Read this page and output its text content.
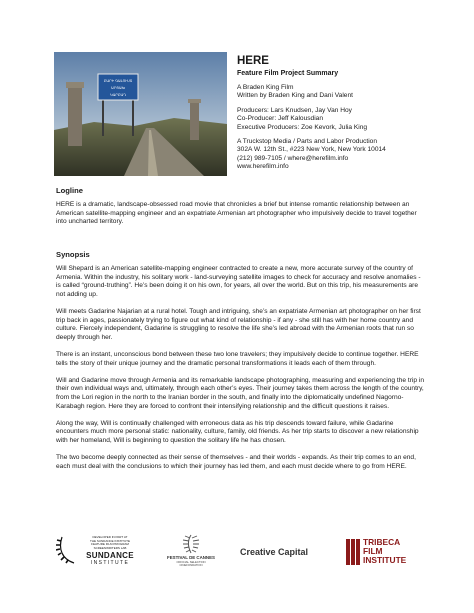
ԲԱՐԻ ԳԱԼՈՒՍՏ
ԱՐՑԱԽ
ԿԱՐԲԱԴ
HERE
Feature Film Project Summary
A Braden King Film
Written by Braden King and Dani Valent
Producers: Lars Knudsen, Jay Van Hoy
Co-Producer: Jeff Kalousdian
Executive Producers: Zoe Kevork, Julia King
A Truckstop Media / Parts and Labor Production
302A W. 12th St., #223 New York, New York 10014
(212) 989-7105 / where@herefilm.info
www.herefilm.info
Logline

HERE is a dramatic, landscape-obsessed road movie that chronicles a brief but intense romantic relationship between an American satellite-mapping engineer and an expatriate Armenian art photographer who impulsively decide to travel together into uncharted territory.

Synopsis

Will Shepard is an American satellite-mapping engineer contracted to create a new, more accurate survey of the country of Armenia. Within the industry, his solitary work - land-surveying satellite images to check for accuracy and resolve anomalies - is called “ground-truthing”. He’s been doing it on his own, for years, all over the world. But on this trip, his measurements are not adding up.

Will meets Gadarine Najarian at a rural hotel. Tough and intriguing, she’s an expatriate Armenian art photographer on her first trip back in ages, passionately trying to figure out what kind of relationship - if any - she still has with her home country and culture. Fiercely independent, Gadarine is struggling to resolve the life she’s led abroad with the Armenian roots that run so deeply through her.

There is an instant, unconscious bond between these two lone travelers; they impulsively decide to continue together. HERE tells the story of their unique journey and the dramatic personal transformations it leads each of them through.

Will and Gadarine move through Armenia and its remarkable landscape photographing, measuring and experiencing the trip in their own individual ways and, ultimately, through each other’s eyes. Their journey takes them across the length of the country, from the Lori region in the north to the Iranian border in the south, and finally into the diplomatically undefined Nagorno-Karabagh region. Here they are forced to confront their intensifying relationship and the difficult questions it raises.

Along the way, Will is continually challenged with erroneous data as his trip descends toward failure, while Gadarine encounters much more personal static: nationality, culture, family, old friends. As her trip starts to discover a new relationship with her homeland, Will is beginning to question the solitary life he has chosen.

The two become deeply connected as their sense of themselves - and their worlds - expands. As their trip comes to an end, each must deal with the conclusions to which their journey has led them, and each must decide where to go from HERE.

DEVELOPED IN PART AT
THE SUNDANCE INSTITUTE
FEATURE FILM PROGRAM
SCREENWRITERS LAB
SUNDANCE
INSTITUTE
FESTIVAL DE CANNES
OFFICIAL SELECTION
CINEFONDATION
Creative Capital
TRIBECA
FILM
INSTITUTE
